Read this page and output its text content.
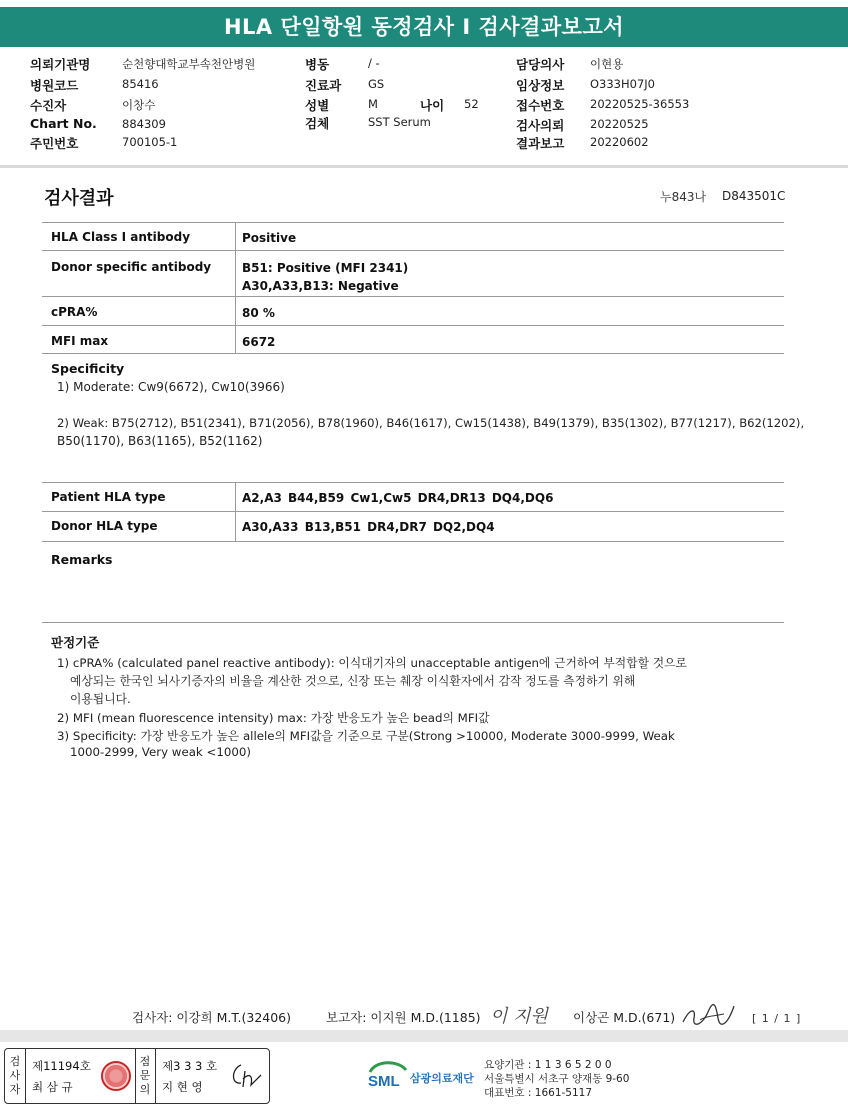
HLA 단일항원 동정검사 I 검사결과보고서
의뢰기관명	순천향대학교부속천안병원
병원코드	85416
수진자	이창수
Chart No. 884309
주민번호	700105-1
병동	/ -
진료과 GS
성별	M	나이 52
검체	SST Serum
담당의사 이현용
임상정보 O333H07J0
접수번호 20220525-36553
검사의뢰 20220525
결과보고 20220602
검사결과	누843나 D843501C
HLA Class I antibody	Positive
Donor specific antibody	B51: Positive (MFI 2341)
A30,A33,B13: Negative
cPRA%	80 %
MFI max	6672
Specificity
1) Moderate: Cw9(6672), Cw10(3966)
2) Weak: B75(2712), B51(2341), B71(2056), B78(1960), B46(1617), Cw15(1438), B49(1379), B35(1302), B77(1217), B62(1202),
B50(1170), B63(1165), B52(1162)
Patient HLA type	A2,A3 B44,B59 Cw1,Cw5 DR4,DR13 DQ4,DQ6
Donor HLA type	A30,A33 B13,B51 DR4,DR7 DQ2,DQ4
Remarks
판정기준
1) cPRA% (calculated panel reactive antibody): 이식대기자의 unacceptable antigen에 근거하여 부적합할 것으로
예상되는 한국인 뇌사기증자의 비율을 계산한 것으로, 신장 또는 췌장 이식환자에서 감작 정도를 측정하기 위해
이용됩니다.
2) MFI (mean fluorescence intensity) max: 가장 반응도가 높은 bead의 MFI값
3) Specificity: 가장 반응도가 높은 allele의 MFI값을 기준으로 구분(Strong >10000, Moderate 3000-9999, Weak
1000-2999, Very weak <1000)
검사자: 이강희 M.T.(32406)	보고자: 이지원 M.D.(1185) 이 지원 이상곤 M.D.(671)	[ 1 / 1 ]
검
사
자
제11194호
최 삼 규
점
문
의
제3 3 3 호
지 현 영	SML 삼광의료재단
요양기관 : 1 1 3 6 5 2 0 0
서울특별시 서초구 양재동 9-60
대표번호 : 1661-5117
